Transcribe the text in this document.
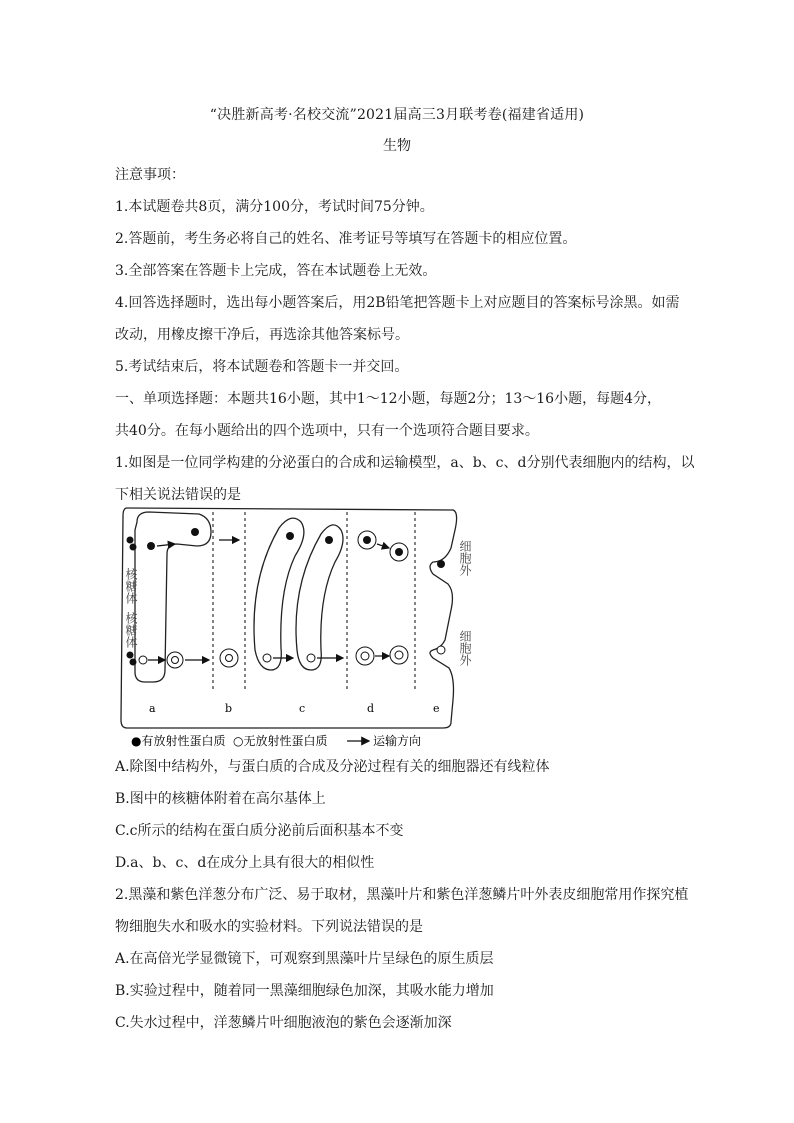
“决胜新高考·名校交流”2021届高三3月联考卷(福建省适用)
生物
注意事项：
1.本试题卷共8页，满分100分，考试时间75分钟。
2.答题前，考生务必将自己的姓名、准考证号等填写在答题卡的相应位置。
3.全部答案在答题卡上完成，答在本试题卷上无效。
4.回答选择题时，选出每小题答案后，用2B铅笔把答题卡上对应题目的答案标号涂黑。如需
改动，用橡皮擦干净后，再选涂其他答案标号。
5.考试结束后，将本试题卷和答题卡一并交回。
一、单项选择题：本题共16小题，其中1～12小题，每题2分；13～16小题，每题4分，
共40分。在每小题给出的四个选项中，只有一个选项符合题目要求。
1.如图是一位同学构建的分泌蛋白的合成和运输模型，a、b、c、d分别代表细胞内的结构，以
下相关说法错误的是
核糖体
核糖体
细胞外
细胞外
a	b	c	d	e
●有放射性蛋白质 ○无放射性蛋白质	运输方向
A.除图中结构外，与蛋白质的合成及分泌过程有关的细胞器还有线粒体
B.图中的核糖体附着在高尔基体上
C.c所示的结构在蛋白质分泌前后面积基本不变
D.a、b、c、d在成分上具有很大的相似性
2.黑藻和紫色洋葱分布广泛、易于取材，黑藻叶片和紫色洋葱鳞片叶外表皮细胞常用作探究植
物细胞失水和吸水的实验材料。下列说法错误的是
A.在高倍光学显微镜下，可观察到黑藻叶片呈绿色的原生质层
B.实验过程中，随着同一黑藻细胞绿色加深，其吸水能力增加
C.失水过程中，洋葱鳞片叶细胞液泡的紫色会逐渐加深
